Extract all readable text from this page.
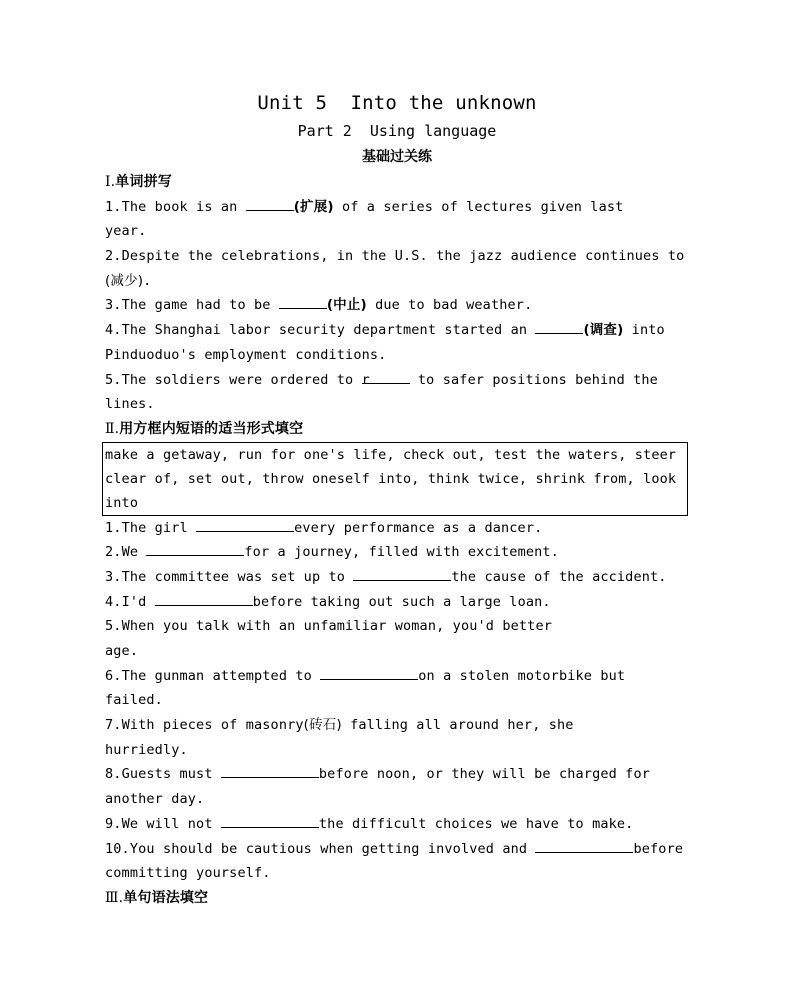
Unit 5  Into the unknown
Part 2  Using language
基础过关练
Ⅰ.单词拼写
1.The book is an	(扩展) of a series of lectures given last
year.
2.Despite the celebrations, in the U.S. the jazz audience continues to
(减少).
3.The game had to be	(中止) due to bad weather.
4.The Shanghai labor security department started an	(调查) into
Pinduoduo's employment conditions.
5.The soldiers were ordered to r	to safer positions behind the
lines.
Ⅱ.用方框内短语的适当形式填空
make a getaway, run for one's life, check out, test the waters, steer
clear of, set out, throw oneself into, think twice, shrink from, look
into
1.The girl	every performance as a dancer.
2.We	for a journey, filled with excitement.
3.The committee was set up to	the cause of the accident.
4.I'd	before taking out such a large loan.
5.When you talk with an unfamiliar woman, you'd better
age.
6.The gunman attempted to	on a stolen motorbike but
failed.
7.With pieces of masonry(砖石) falling all around her, she
hurriedly.
8.Guests must	before noon, or they will be charged for
another day.
9.We will not	the difficult choices we have to make.
10.You should be cautious when getting involved and	before
committing yourself.
Ⅲ.单句语法填空
